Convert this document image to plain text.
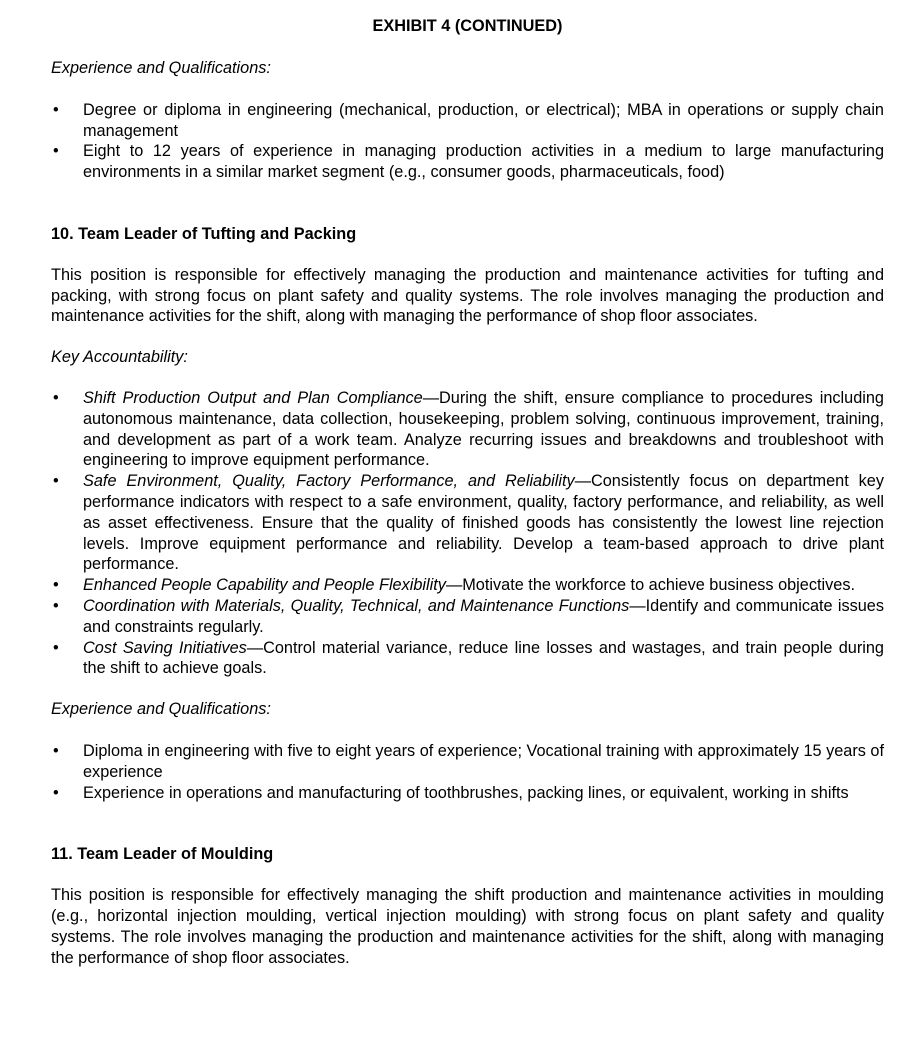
EXHIBIT 4 (CONTINUED)

Experience and Qualifications:

• Degree or diploma in engineering (mechanical, production, or electrical); MBA in operations or supply chain management
• Eight to 12 years of experience in managing production activities in a medium to large manufacturing environments in a similar market segment (e.g., consumer goods, pharmaceuticals, food)

10. Team Leader of Tufting and Packing

This position is responsible for effectively managing the production and maintenance activities for tufting and packing, with strong focus on plant safety and quality systems. The role involves managing the production and maintenance activities for the shift, along with managing the performance of shop floor associates.

Key Accountability:

• Shift Production Output and Plan Compliance—During the shift, ensure compliance to procedures including autonomous maintenance, data collection, housekeeping, problem solving, continuous improvement, training, and development as part of a work team. Analyze recurring issues and breakdowns and troubleshoot with engineering to improve equipment performance.
• Safe Environment, Quality, Factory Performance, and Reliability—Consistently focus on department key performance indicators with respect to a safe environment, quality, factory performance, and reliability, as well as asset effectiveness. Ensure that the quality of finished goods has consistently the lowest line rejection levels. Improve equipment performance and reliability. Develop a team-based approach to drive plant performance.
• Enhanced People Capability and People Flexibility—Motivate the workforce to achieve business objectives.
• Coordination with Materials, Quality, Technical, and Maintenance Functions—Identify and communicate issues and constraints regularly.
• Cost Saving Initiatives—Control material variance, reduce line losses and wastages, and train people during the shift to achieve goals.

Experience and Qualifications:

• Diploma in engineering with five to eight years of experience; Vocational training with approximately 15 years of experience
• Experience in operations and manufacturing of toothbrushes, packing lines, or equivalent, working in shifts

11. Team Leader of Moulding

This position is responsible for effectively managing the shift production and maintenance activities in moulding (e.g., horizontal injection moulding, vertical injection moulding) with strong focus on plant safety and quality systems. The role involves managing the production and maintenance activities for the shift, along with managing the performance of shop floor associates.
